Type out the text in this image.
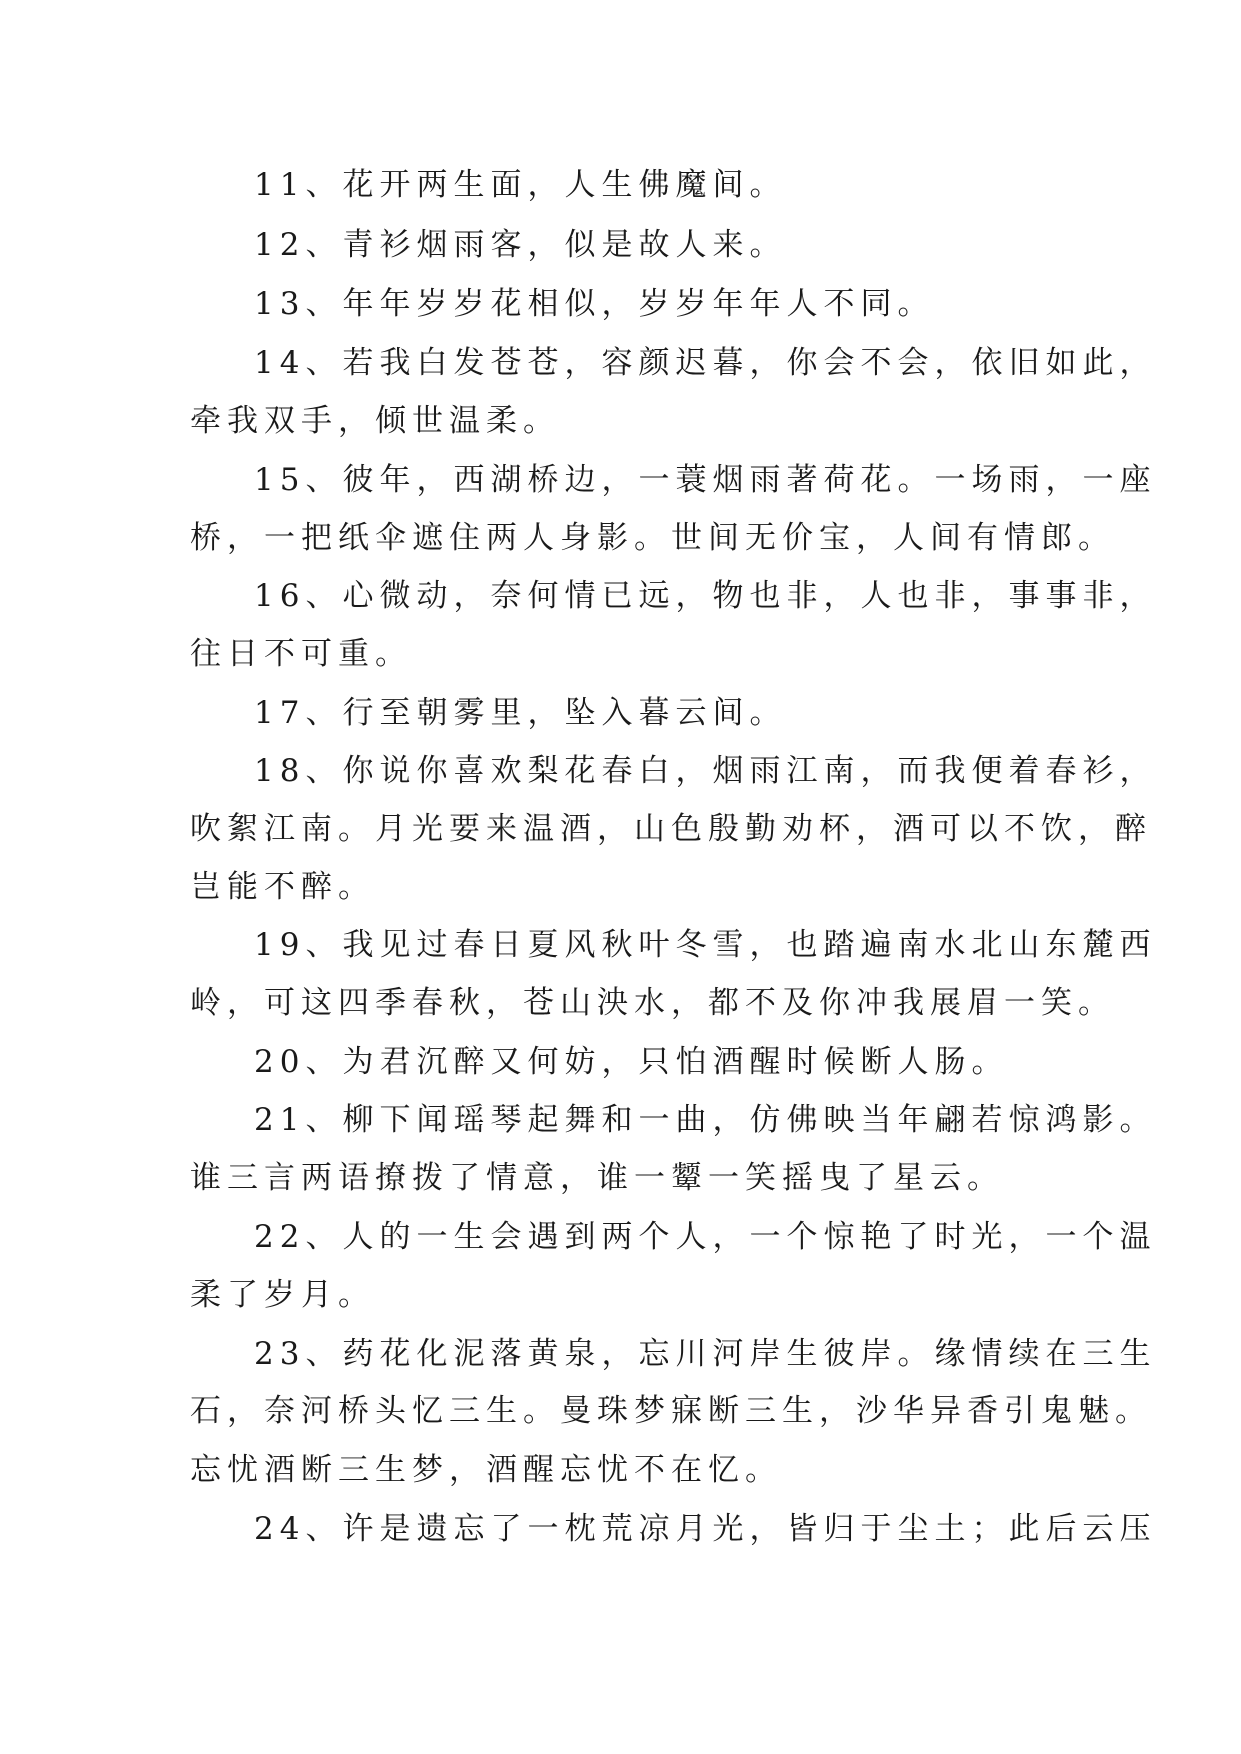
11、花开两生面，人生佛魔间。
12、青衫烟雨客，似是故人来。
13、年年岁岁花相似，岁岁年年人不同。
14、若我白发苍苍，容颜迟暮，你会不会，依旧如此，
牵我双手，倾世温柔。
15、彼年，西湖桥边，一蓑烟雨著荷花。一场雨，一座
桥，一把纸伞遮住两人身影。世间无价宝，人间有情郎。
16、心微动，奈何情已远，物也非，人也非，事事非，
往日不可重。
17、行至朝雾里，坠入暮云间。
18、你说你喜欢梨花春白，烟雨江南，而我便着春衫，
吹絮江南。月光要来温酒，山色殷勤劝杯，酒可以不饮，醉
岂能不醉。
19、我见过春日夏风秋叶冬雪，也踏遍南水北山东麓西
岭，可这四季春秋，苍山泱水，都不及你冲我展眉一笑。
20、为君沉醉又何妨，只怕酒醒时候断人肠。
21、柳下闻瑶琴起舞和一曲，仿佛映当年翩若惊鸿影。
谁三言两语撩拨了情意，谁一颦一笑摇曳了星云。
22、人的一生会遇到两个人，一个惊艳了时光，一个温
柔了岁月。
23、药花化泥落黄泉，忘川河岸生彼岸。缘情续在三生
石，奈河桥头忆三生。曼珠梦寐断三生，沙华异香引鬼魅。
忘忧酒断三生梦，酒醒忘忧不在忆。
24、许是遗忘了一枕荒凉月光，皆归于尘土；此后云压
